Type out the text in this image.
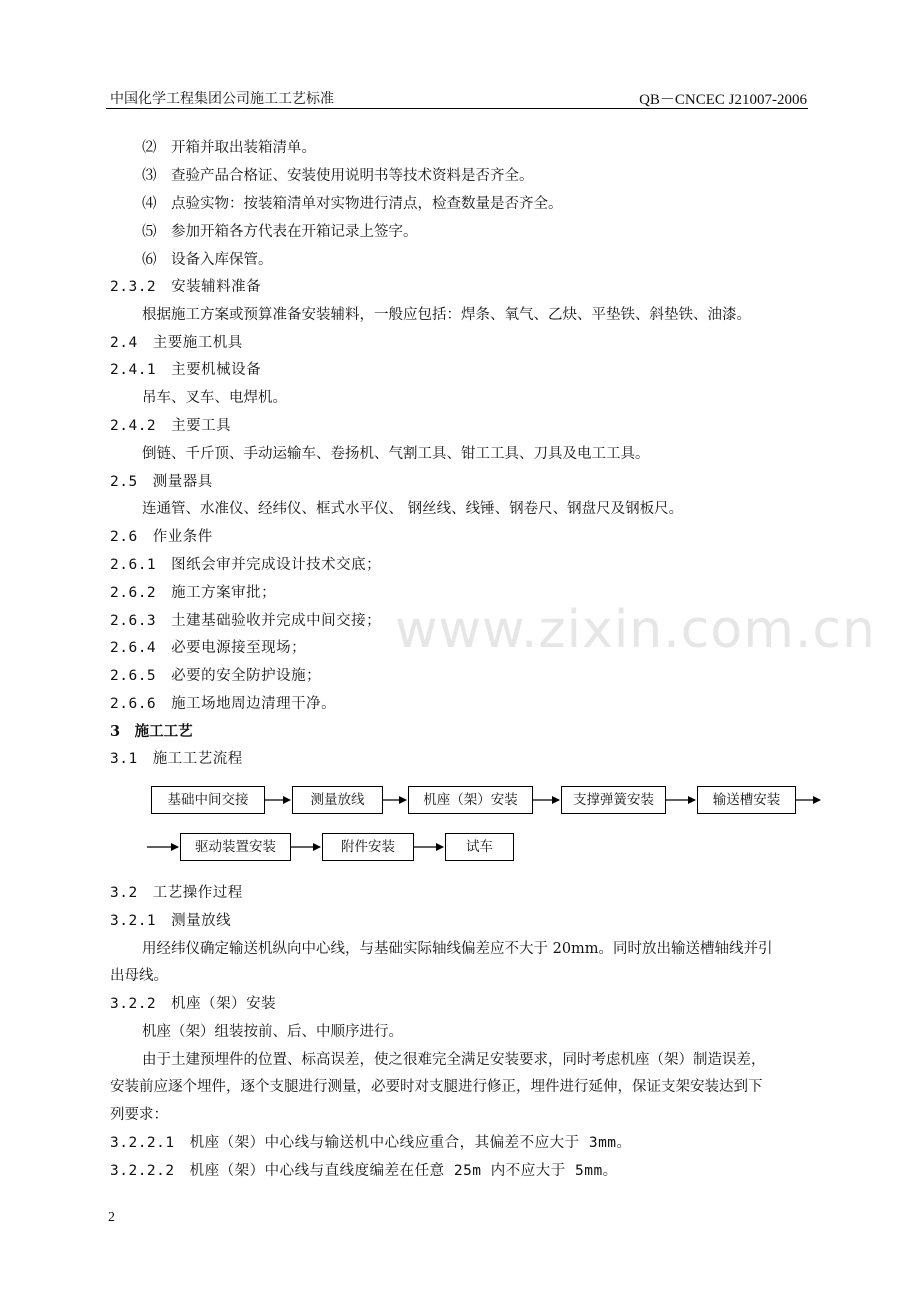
中国化学工程集团公司施工工艺标准	QB－CNCEC J21007-2006
www.zixin.com.cn
⑵　开箱并取出装箱清单。
⑶　查验产品合格证、安装使用说明书等技术资料是否齐全。
⑷　点验实物：按装箱清单对实物进行清点，检查数量是否齐全。
⑸　参加开箱各方代表在开箱记录上签字。
⑹　设备入库保管。
2.3.2　安装辅料准备
根据施工方案或预算准备安装辅料，一般应包括：焊条、氧气、乙炔、平垫铁、斜垫铁、油漆。
2.4　主要施工机具
2.4.1　主要机械设备
吊车、叉车、电焊机。
2.4.2　主要工具
倒链、千斤顶、手动运输车、卷扬机、气割工具、钳工工具、刀具及电工工具。
2.5　测量器具
连通管、水准仪、经纬仪、框式水平仪、 钢丝线、线锤、钢卷尺、钢盘尺及钢板尺。
2.6　作业条件
2.6.1　图纸会审并完成设计技术交底；
2.6.2　施工方案审批；
2.6.3　土建基础验收并完成中间交接；
2.6.4　必要电源接至现场；
2.6.5　必要的安全防护设施；
2.6.6　施工场地周边清理干净。
3　施工工艺
3.1　施工工艺流程
基础中间交接	测量放线	机座（架）安装	支撑弹簧安装	输送槽安装
驱动装置安装	附件安装	试车
3.2　工艺操作过程
3.2.1　测量放线
用经纬仪确定输送机纵向中心线，与基础实际轴线偏差应不大于 20mm。同时放出输送槽轴线并引
出母线。
3.2.2　机座（架）安装
机座（架）组装按前、后、中顺序进行。
由于土建预埋件的位置、标高误差，使之很难完全满足安装要求，同时考虑机座（架）制造误差，
安装前应逐个埋件，逐个支腿进行测量，必要时对支腿进行修正，埋件进行延伸，保证支架安装达到下
列要求：
3.2.2.1　机座（架）中心线与输送机中心线应重合，其偏差不应大于 3mm。
3.2.2.2　机座（架）中心线与直线度编差在任意 25m 内不应大于 5mm。
2
